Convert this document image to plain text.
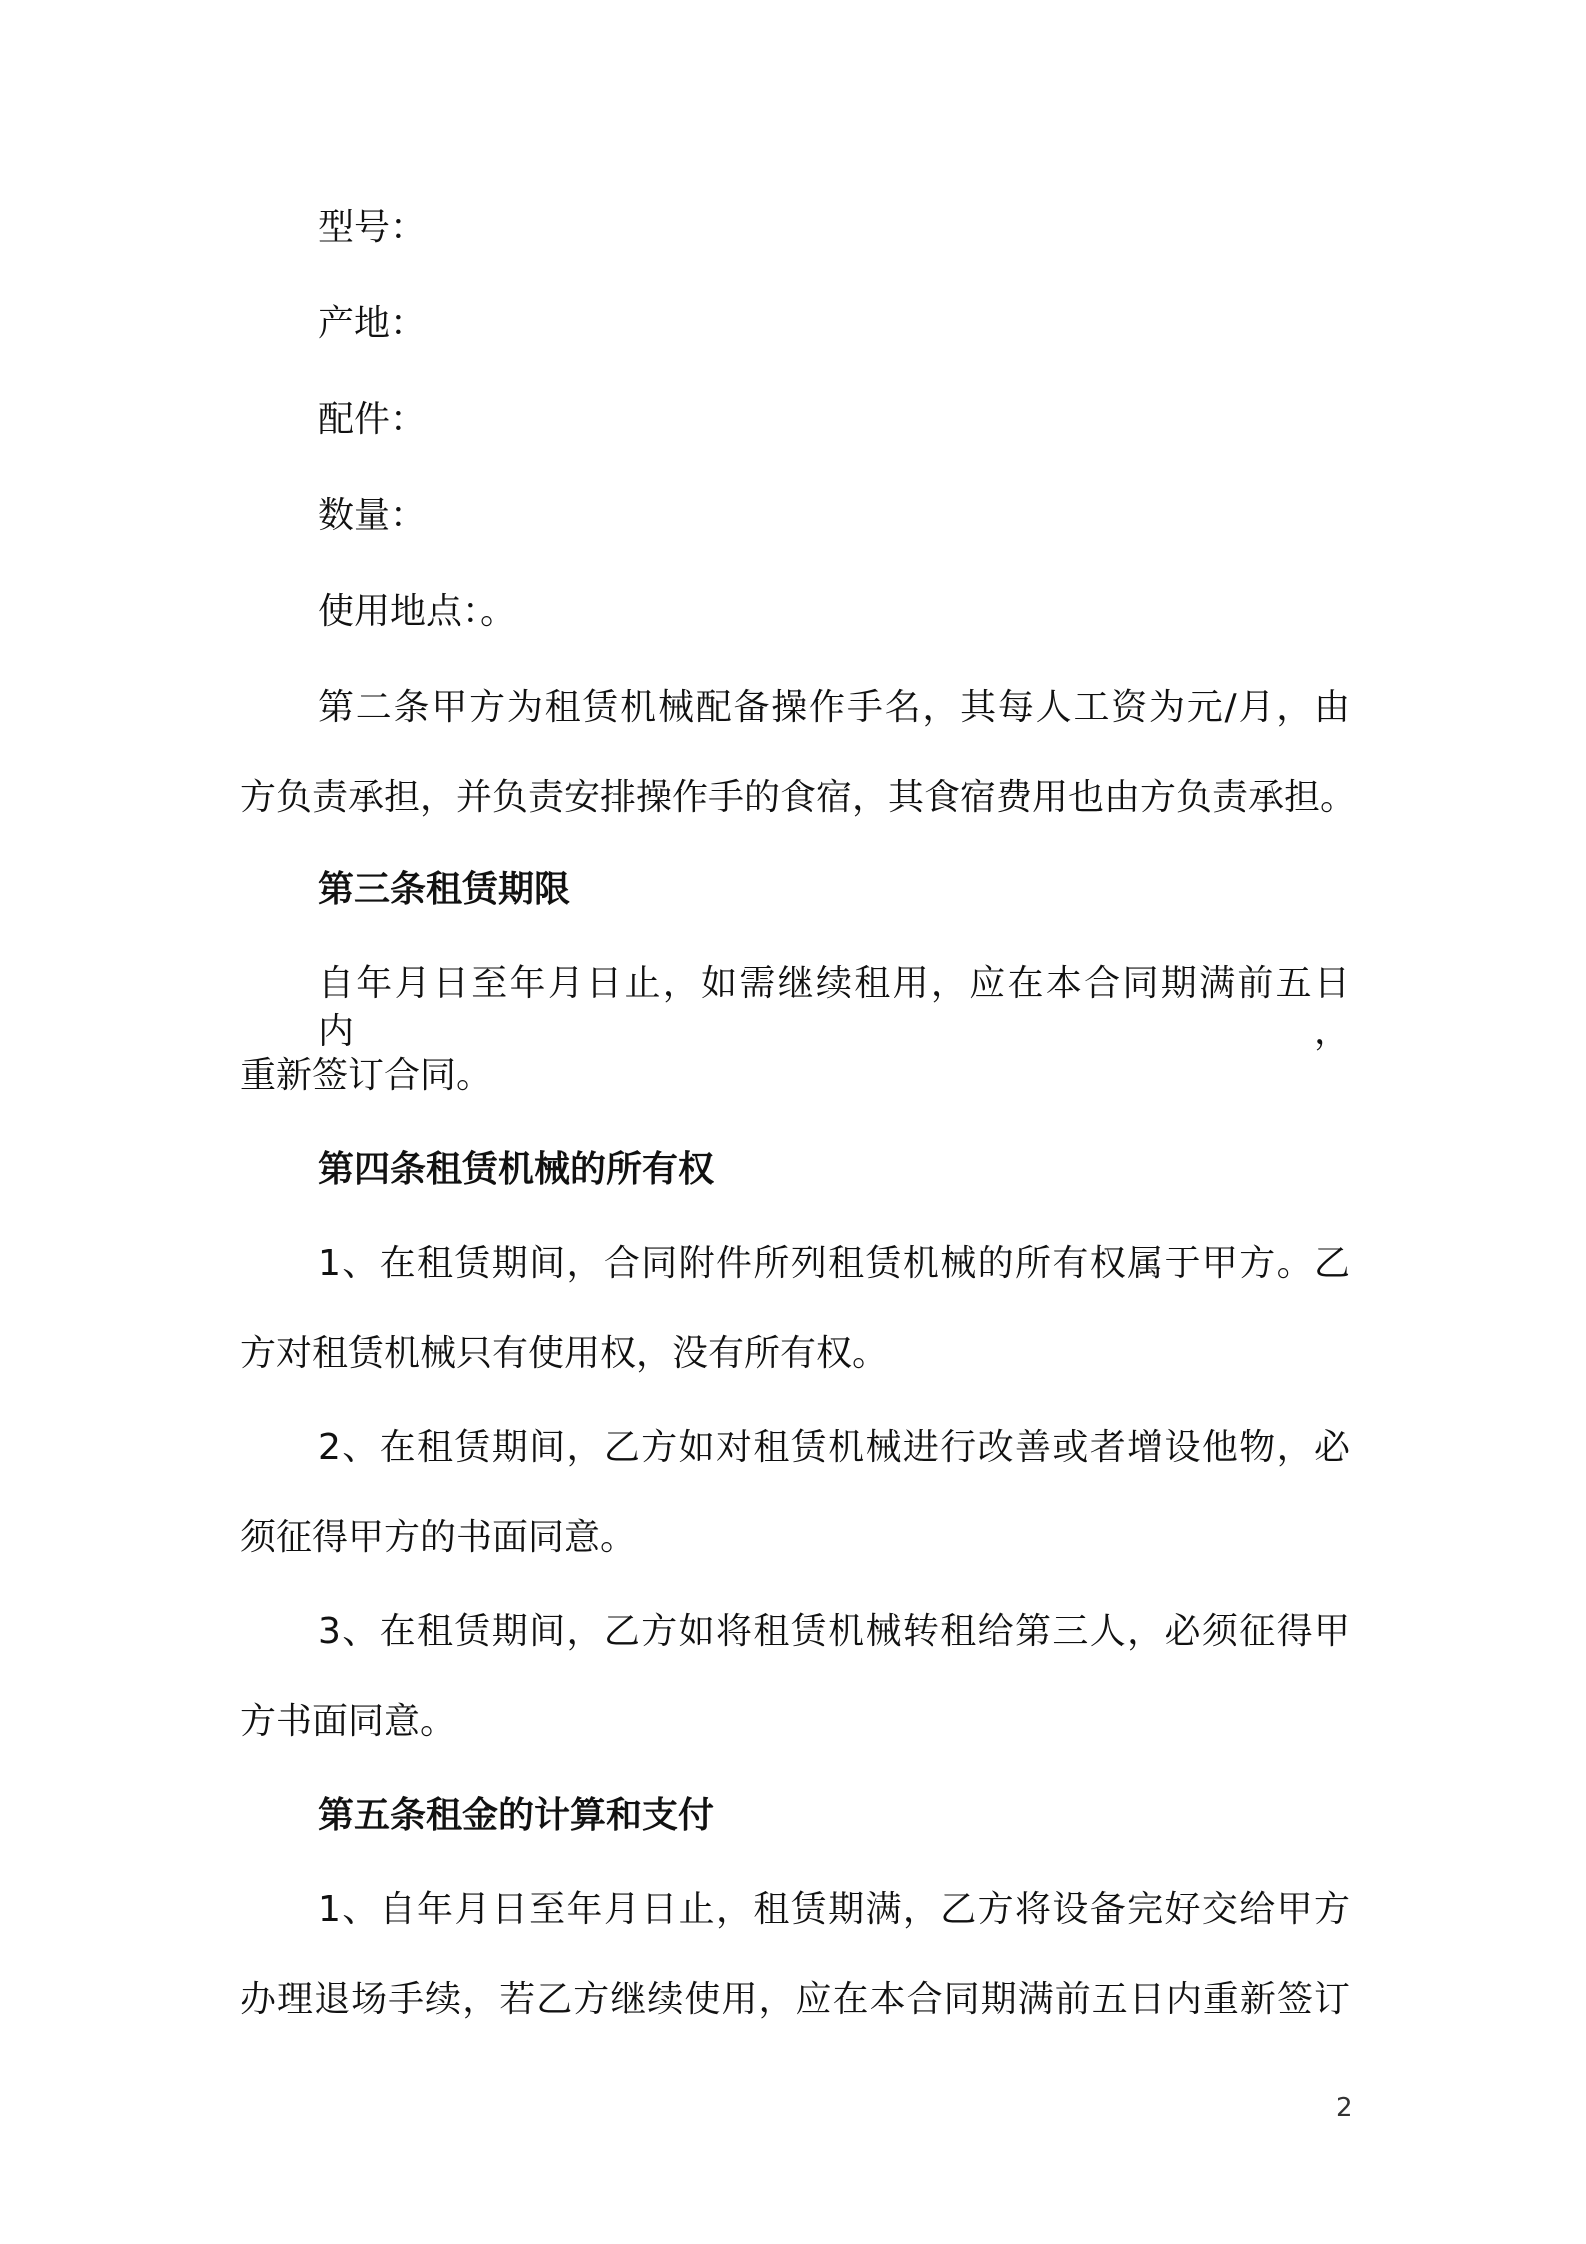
型号：
产地：
配件：
数量：
使用地点：。
第二条甲方为租赁机械配备操作手名，其每人工资为元/月，由
方负责承担，并负责安排操作手的食宿，其食宿费用也由方负责承担。
第三条租赁期限
自年月日至年月日止，如需继续租用，应在本合同期满前五日内，
重新签订合同。
第四条租赁机械的所有权
1、在租赁期间，合同附件所列租赁机械的所有权属于甲方。乙
方对租赁机械只有使用权，没有所有权。
2、在租赁期间，乙方如对租赁机械进行改善或者增设他物，必
须征得甲方的书面同意。
3、在租赁期间，乙方如将租赁机械转租给第三人，必须征得甲
方书面同意。
第五条租金的计算和支付
1、自年月日至年月日止，租赁期满，乙方将设备完好交给甲方
办理退场手续，若乙方继续使用，应在本合同期满前五日内重新签订
2
